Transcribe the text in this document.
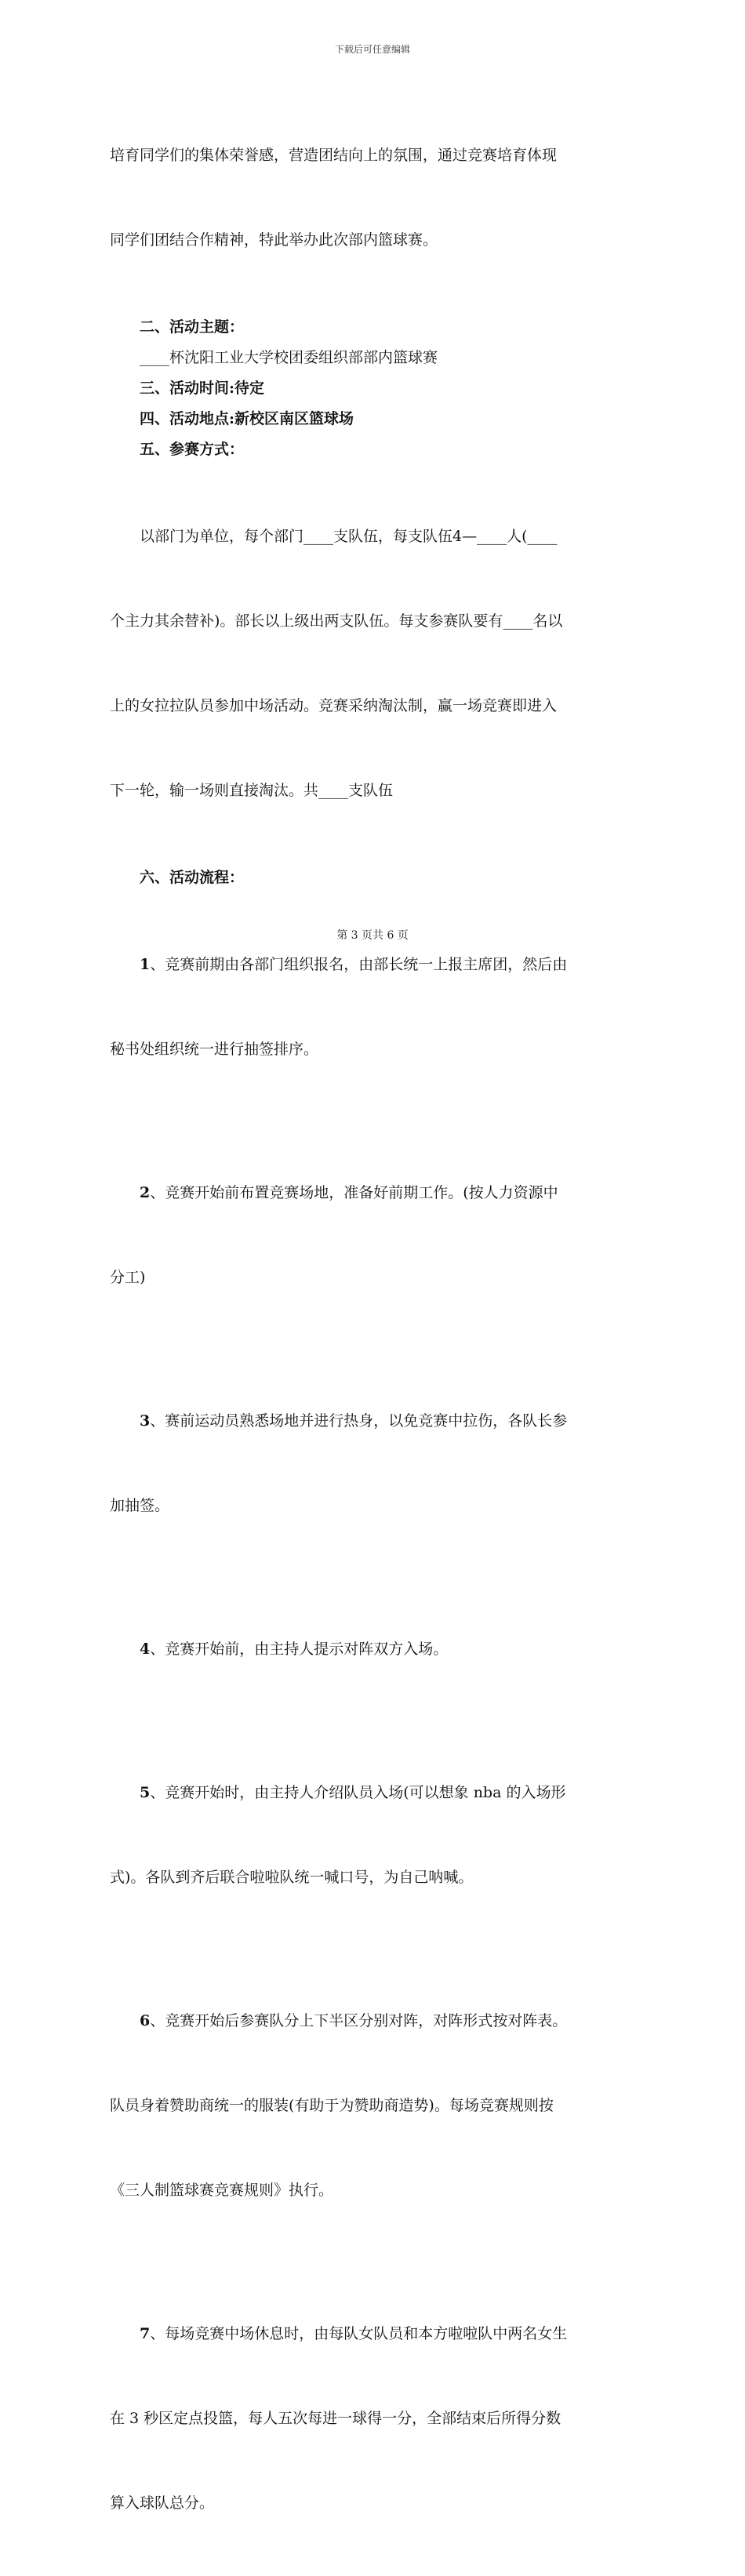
下载后可任意编辑

培育同学们的集体荣誉感，营造团结向上的氛围，通过竞赛培育体现

同学们团结合作精神，特此举办此次部内篮球赛。

二、活动主题：

____杯沈阳工业大学校团委组织部部内篮球赛

三、活动时间:待定

四、活动地点:新校区南区篮球场

五、参赛方式：

以部门为单位，每个部门____支队伍，每支队伍4—____人(____

个主力其余替补)。部长以上级出两支队伍。每支参赛队要有____名以

上的女拉拉队员参加中场活动。竞赛采纳淘汰制，赢一场竞赛即进入

下一轮，输一场则直接淘汰。共____支队伍

六、活动流程：

1、竞赛前期由各部门组织报名，由部长统一上报主席团，然后由

秘书处组织统一进行抽签排序。

2、竞赛开始前布置竞赛场地，准备好前期工作。(按人力资源中

分工)

3、赛前运动员熟悉场地并进行热身，以免竞赛中拉伤，各队长参

加抽签。

4、竞赛开始前，由主持人提示对阵双方入场。

5、竞赛开始时，由主持人介绍队员入场(可以想象 nba 的入场形

式)。各队到齐后联合啦啦队统一喊口号，为自己呐喊。

6、竞赛开始后参赛队分上下半区分别对阵，对阵形式按对阵表。

队员身着赞助商统一的服装(有助于为赞助商造势)。每场竞赛规则按

《三人制篮球赛竞赛规则》执行。

7、每场竞赛中场休息时，由每队女队员和本方啦啦队中两名女生

在 3 秒区定点投篮，每人五次每进一球得一分，全部结束后所得分数

算入球队总分。

第 3 页共 6 页
